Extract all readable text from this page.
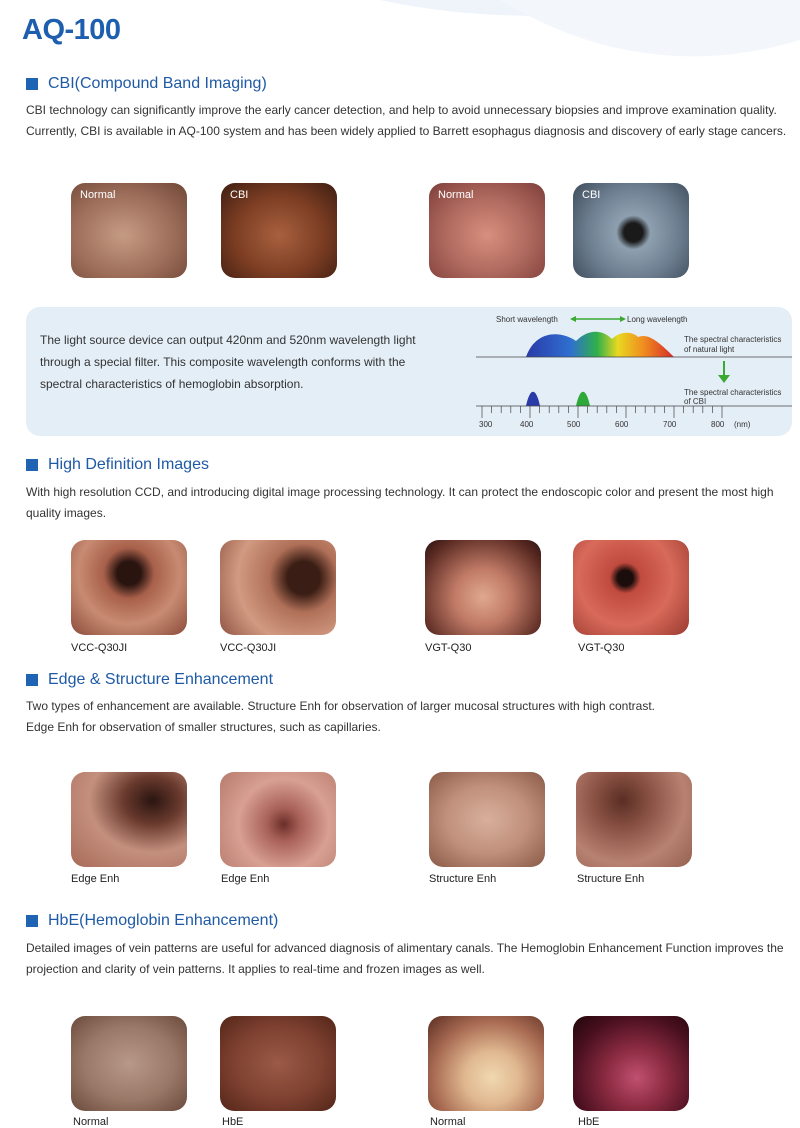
AQ-100
CBI(Compound Band Imaging)
CBI technology can significantly improve the early cancer detection, and help to avoid unnecessary biopsies and improve examination quality. Currently, CBI is available in AQ-100 system and has been widely applied to Barrett esophagus diagnosis and discovery of early stage cancers.
Normal	CBI	Normal	CBI
The light source device can output 420nm and 520nm wavelength light through a special filter. This composite wavelength conforms with the spectral characteristics of hemoglobin absorption.
Short wavelength	Long wavelength
The spectral characteristics
of natural light
The spectral characteristics
of CBI
300	400	500	600	700	800 (nm)
High Definition Images
With high resolution CCD, and introducing digital image processing technology. It can protect the endoscopic color and present the most high quality images.
VCC-Q30JI	VCC-Q30JI	VGT-Q30	VGT-Q30
Edge & Structure Enhancement
Two types of enhancement are available. Structure Enh for observation of larger mucosal structures with high contrast.
Edge Enh for observation of smaller structures, such as capillaries.
Edge Enh	Edge Enh	Structure Enh	Structure Enh
HbE(Hemoglobin Enhancement)
Detailed images of vein patterns are useful for advanced diagnosis of alimentary canals. The Hemoglobin Enhancement Function improves the projection and clarity of vein patterns. It applies to real-time and frozen images as well.
Normal	HbE	Normal	HbE
